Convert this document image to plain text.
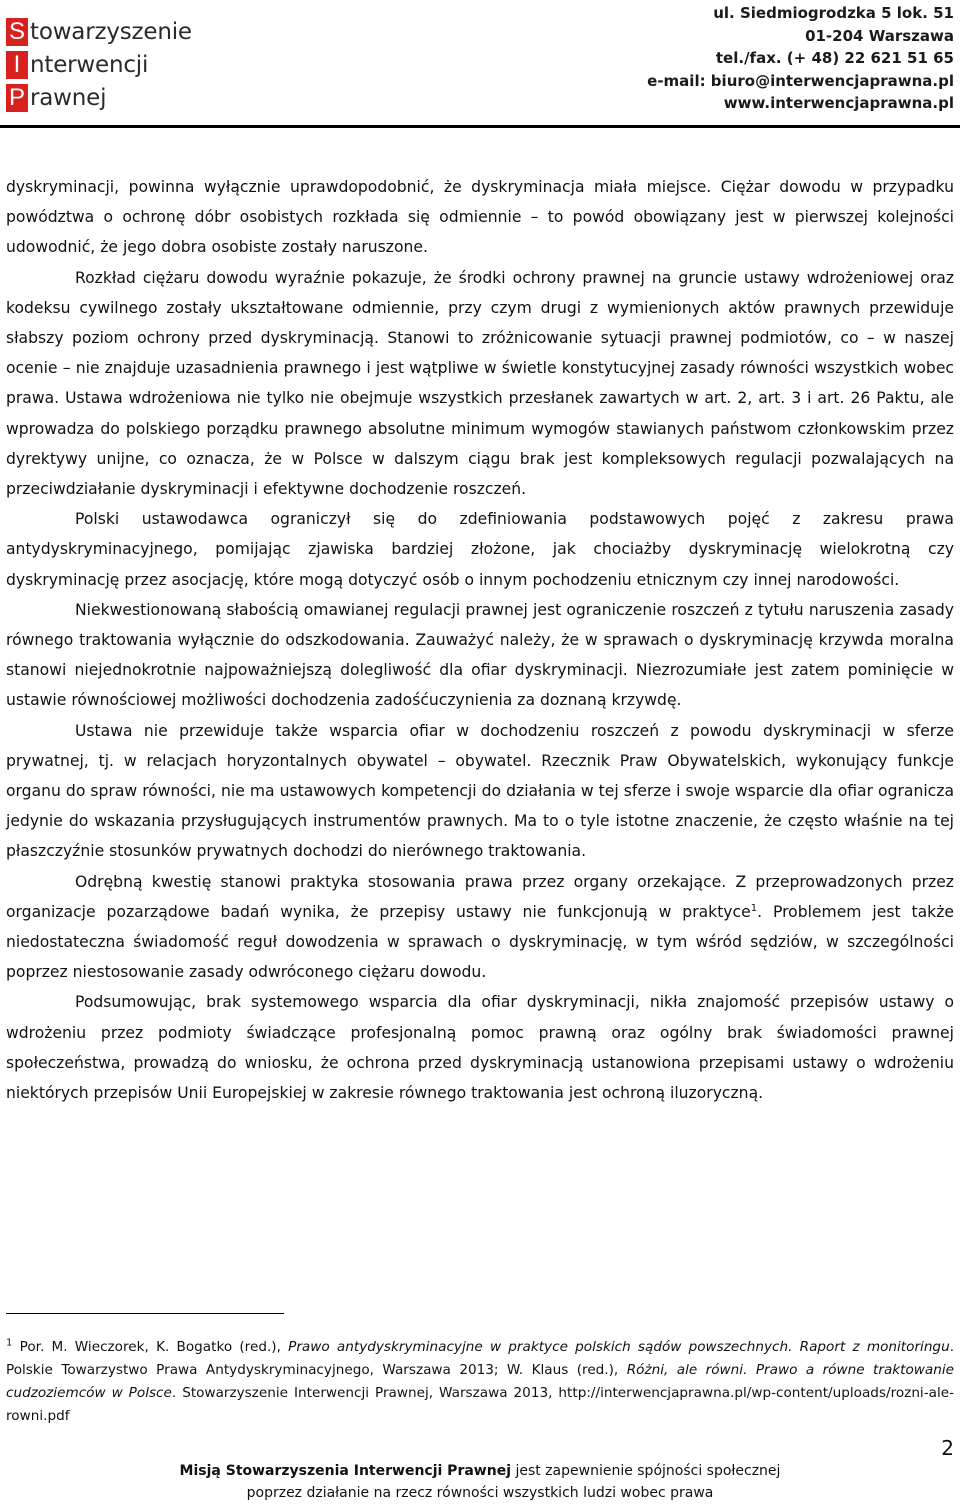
S towarzyszenie
I nterwencji
P rawnej
ul. Siedmiogrodzka 5 lok. 51
01-204 Warszawa
tel./fax. (+ 48) 22 621 51 65
e-mail: biuro@interwencjaprawna.pl
www.interwencjaprawna.pl

dyskryminacji, powinna wyłącznie uprawdopodobnić, że dyskryminacja miała miejsce. Ciężar dowodu w przypadku powództwa o ochronę dóbr osobistych rozkłada się odmiennie – to powód obowiązany jest w pierwszej kolejności udowodnić, że jego dobra osobiste zostały naruszone.

Rozkład ciężaru dowodu wyraźnie pokazuje, że środki ochrony prawnej na gruncie ustawy wdrożeniowej oraz kodeksu cywilnego zostały ukształtowane odmiennie, przy czym drugi z wymienionych aktów prawnych przewiduje słabszy poziom ochrony przed dyskryminacją. Stanowi to zróżnicowanie sytuacji prawnej podmiotów, co – w naszej ocenie – nie znajduje uzasadnienia prawnego i jest wątpliwe w świetle konstytucyjnej zasady równości wszystkich wobec prawa. Ustawa wdrożeniowa nie tylko nie obejmuje wszystkich przesłanek zawartych w art. 2, art. 3 i art. 26 Paktu, ale wprowadza do polskiego porządku prawnego absolutne minimum wymogów stawianych państwom członkowskim przez dyrektywy unijne, co oznacza, że w Polsce w dalszym ciągu brak jest kompleksowych regulacji pozwalających na przeciwdziałanie dyskryminacji i efektywne dochodzenie roszczeń.

Polski ustawodawca ograniczył się do zdefiniowania podstawowych pojęć z zakresu prawa antydyskryminacyjnego, pomijając zjawiska bardziej złożone, jak chociażby dyskryminację wielokrotną czy dyskryminację przez asocjację, które mogą dotyczyć osób o innym pochodzeniu etnicznym czy innej narodowości.

Niekwestionowaną słabością omawianej regulacji prawnej jest ograniczenie roszczeń z tytułu naruszenia zasady równego traktowania wyłącznie do odszkodowania. Zauważyć należy, że w sprawach o dyskryminację krzywda moralna stanowi niejednokrotnie najpoważniejszą dolegliwość dla ofiar dyskryminacji. Niezrozumiałe jest zatem pominięcie w ustawie równościowej możliwości dochodzenia zadośćuczynienia za doznaną krzywdę.

Ustawa nie przewiduje także wsparcia ofiar w dochodzeniu roszczeń z powodu dyskryminacji w sferze prywatnej, tj. w relacjach horyzontalnych obywatel – obywatel. Rzecznik Praw Obywatelskich, wykonujący funkcje organu do spraw równości, nie ma ustawowych kompetencji do działania w tej sferze i swoje wsparcie dla ofiar ogranicza jedynie do wskazania przysługujących instrumentów prawnych. Ma to o tyle istotne znaczenie, że często właśnie na tej płaszczyźnie stosunków prywatnych dochodzi do nierównego traktowania.

Odrębną kwestię stanowi praktyka stosowania prawa przez organy orzekające. Z przeprowadzonych przez organizacje pozarządowe badań wynika, że przepisy ustawy nie funkcjonują w praktyce$^1$. Problemem jest także niedostateczna świadomość reguł dowodzenia w sprawach o dyskryminację, w tym wśród sędziów, w szczególności poprzez niestosowanie zasady odwróconego ciężaru dowodu.

Podsumowując, brak systemowego wsparcia dla ofiar dyskryminacji, nikła znajomość przepisów ustawy o wdrożeniu przez podmioty świadczące profesjonalną pomoc prawną oraz ogólny brak świadomości prawnej społeczeństwa, prowadzą do wniosku, że ochrona przed dyskryminacją ustanowiona przepisami ustawy o wdrożeniu niektórych przepisów Unii Europejskiej w zakresie równego traktowania jest ochroną iluzoryczną.

$^1$ Por. M. Wieczorek, K. Bogatko (red.), Prawo antydyskryminacyjne w praktyce polskich sądów powszechnych. Raport z monitoringu. Polskie Towarzystwo Prawa Antydyskryminacyjnego, Warszawa 2013; W. Klaus (red.), Różni, ale równi. Prawo a równe traktowanie cudzoziemców w Polsce. Stowarzyszenie Interwencji Prawnej, Warszawa 2013, http://interwencjaprawna.pl/wp-content/uploads/rozni-ale-rowni.pdf

2
Misją Stowarzyszenia Interwencji Prawnej jest zapewnienie spójności społecznej
poprzez działanie na rzecz równości wszystkich ludzi wobec prawa
